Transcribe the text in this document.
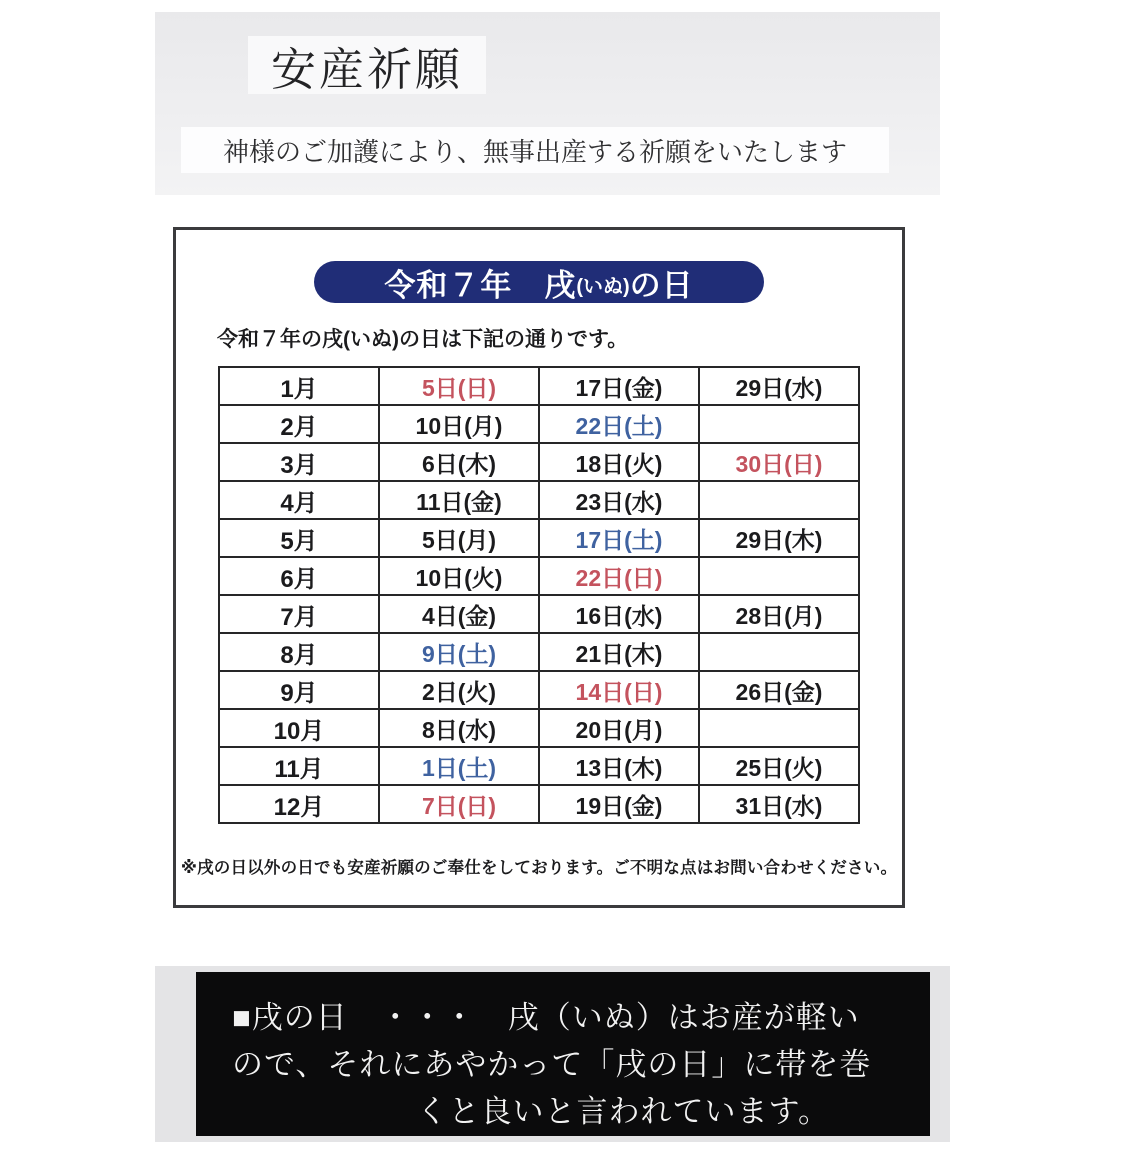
安産祈願
神様のご加護により、無事出産する祈願をいたします
令和７年　戌 (いぬ) の日
令和７年の戌(いぬ)の日は下記の通りです。
1月	5日(日)	17日(金)	29日(水)
2月	10日(月)	22日(土)	
3月	6日(木)	18日(火)	30日(日)
4月	11日(金)	23日(水)	
5月	5日(月)	17日(土)	29日(木)
6月	10日(火)	22日(日)	
7月	4日(金)	16日(水)	28日(月)
8月	9日(土)	21日(木)	
9月	2日(火)	14日(日)	26日(金)
10月	8日(水)	20日(月)	
11月	1日(土)	13日(木)	25日(火)
12月	7日(日)	19日(金)	31日(水)
※戌の日以外の日でも安産祈願のご奉仕をしております。ご不明な点はお問い合わせください。
■戌の日　・・・　戌（いぬ）はお産が軽い
ので、それにあやかって「戌の日」に帯を巻
くと良いと言われています。
